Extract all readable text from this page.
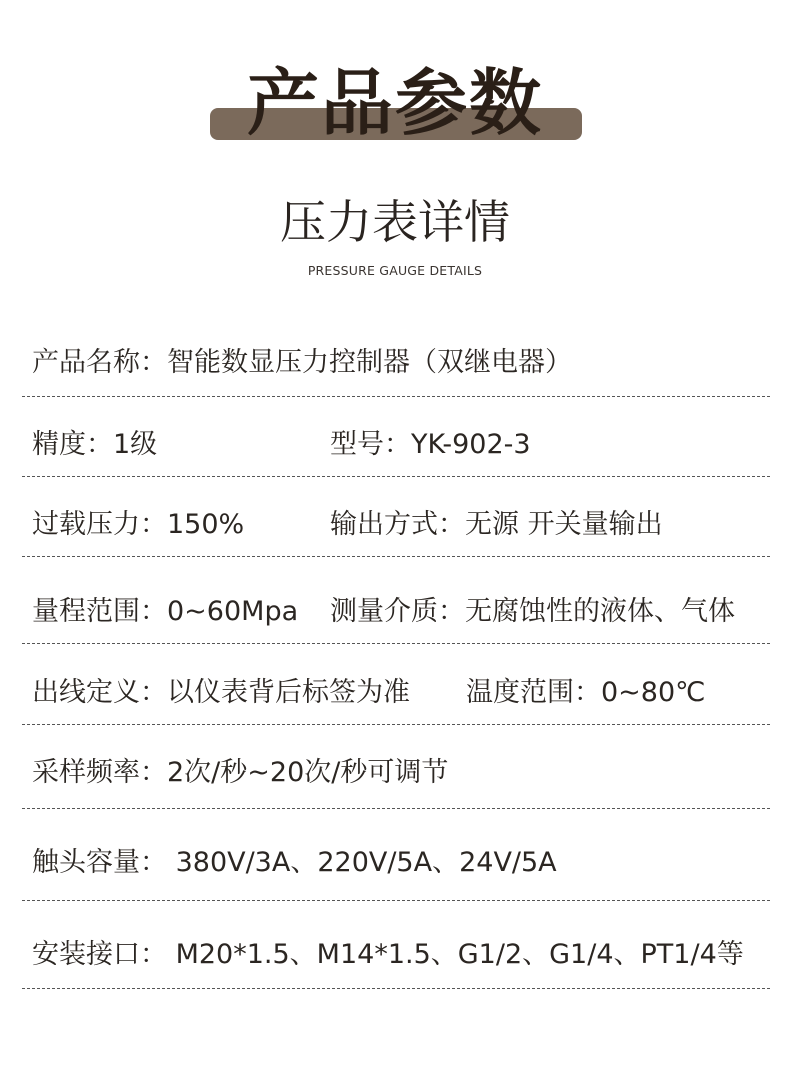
产品参数
压力表详情
PRESSURE GAUGE DETAILS
产品名称：智能数显压力控制器（双继电器）
精度：1级	型号：YK-902-3
过载压力：150%	输出方式：无源 开关量输出
量程范围：0~60Mpa 测量介质：无腐蚀性的液体、气体
出线定义：以仪表背后标签为准 温度范围：0~80℃
采样频率：2次/秒~20次/秒可调节
触头容量： 380V/3A、220V/5A、24V/5A
安装接口： M20*1.5、M14*1.5、G1/2、G1/4、PT1/4等
